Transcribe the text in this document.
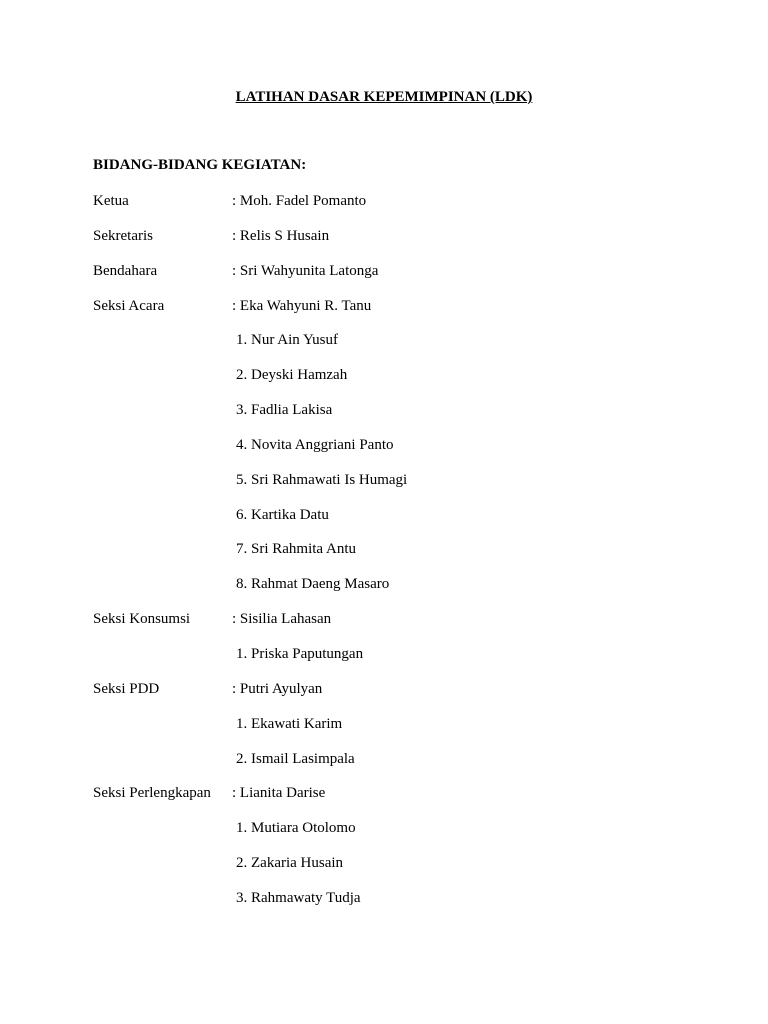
LATIHAN DASAR KEPEMIMPINAN (LDK)
BIDANG-BIDANG KEGIATAN:
Ketua	: Moh. Fadel Pomanto
Sekretaris	: Relis S Husain
Bendahara	: Sri Wahyunita Latonga
Seksi Acara	: Eka Wahyuni R. Tanu
1. Nur Ain Yusuf
2. Deyski Hamzah
3. Fadlia Lakisa
4. Novita Anggriani Panto
5. Sri Rahmawati Is Humagi
6. Kartika Datu
7. Sri Rahmita Antu
8. Rahmat Daeng Masaro
Seksi Konsumsi	: Sisilia Lahasan
1. Priska Paputungan
Seksi PDD	: Putri Ayulyan
1. Ekawati Karim
2. Ismail Lasimpala
Seksi Perlengkapan : Lianita Darise
1. Mutiara Otolomo
2. Zakaria Husain
3. Rahmawaty Tudja
